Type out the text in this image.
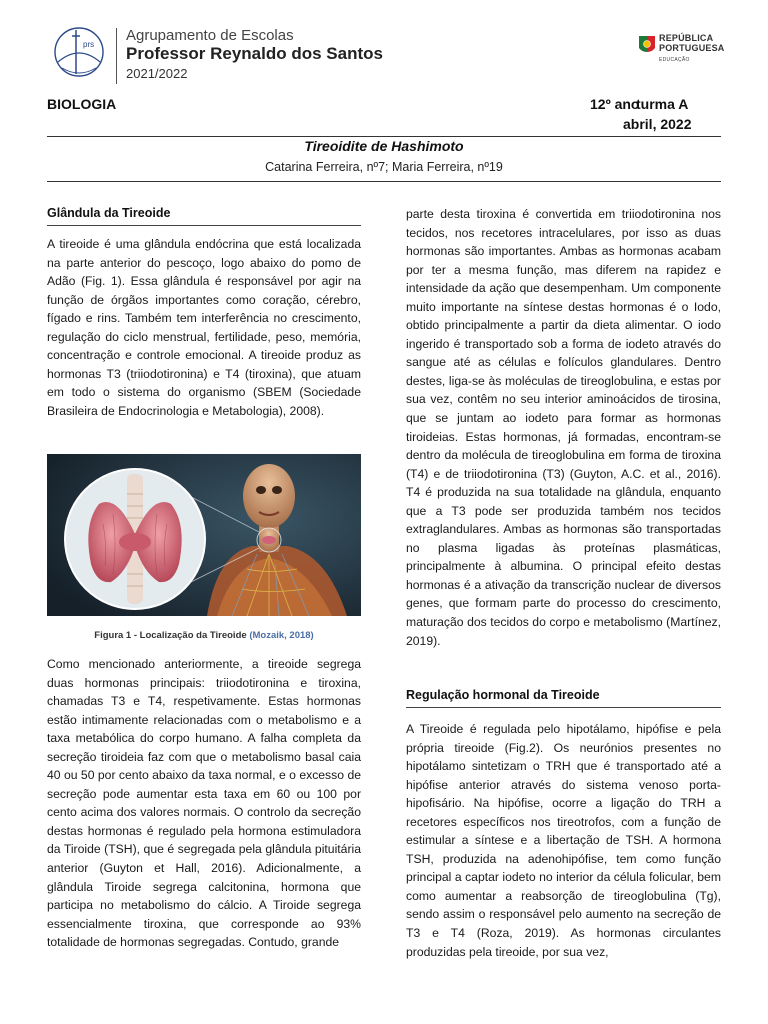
prs
Agrupamento de Escolas
Professor Reynaldo dos Santos
2021/2022
REPÚBLICA
PORTUGUESA
EDUCAÇÃO
BIOLOGIA	12º ano
turma A
abril, 2022
Tireoidite de Hashimoto
Catarina Ferreira, nº7; Maria Ferreira, nº19
Glândula da Tireoide

A tireoide é uma glândula endócrina que está localizada na parte anterior do pescoço, logo abaixo do pomo de Adão (Fig. 1). Essa glândula é responsável por agir na função de órgãos importantes como coração, cérebro, fígado e rins. Também tem interferência no crescimento, regulação do ciclo menstrual, fertilidade, peso, memória, concentração e controle emocional. A tireoide produz as hormonas T3 (triiodotironina) e T4 (tiroxina), que atuam em todo o sistema do organismo (SBEM (Sociedade Brasileira de Endocrinologia e Metabologia), 2008).

Figura 1 - Localização da Tireoide (Mozaik, 2018)

Como mencionado anteriormente, a tireoide segrega duas hormonas principais: triiodotironina e tiroxina, chamadas T3 e T4, respetivamente. Estas hormonas estão intimamente relacionadas com o metabolismo e a taxa metabólica do corpo humano. A falha completa da secreção tiroideia faz com que o metabolismo basal caia 40 ou 50 por cento abaixo da taxa normal, e o excesso de secreção pode aumentar esta taxa em 60 ou 100 por cento acima dos valores normais. O controlo da secreção destas hormonas é regulado pela hormona estimuladora da Tiroide (TSH), que é segregada pela glândula pituitária anterior (Guyton et Hall, 2016). Adicionalmente, a glândula Tiroide segrega calcitonina, hormona que participa no metabolismo do cálcio. A Tiroide segrega essencialmente tiroxina, que corresponde ao 93% totalidade de hormonas segregadas. Contudo, grande

parte desta tiroxina é convertida em triiodotironina nos tecidos, nos recetores intracelulares, por isso as duas hormonas são importantes. Ambas as hormonas acabam por ter a mesma função, mas diferem na rapidez e intensidade da ação que desempenham. Um componente muito importante na síntese destas hormonas é o Iodo, obtido principalmente a partir da dieta alimentar. O iodo ingerido é transportado sob a forma de iodeto através do sangue até as células e folículos glandulares. Dentro destes, liga-se às moléculas de tireoglobulina, e estas por sua vez, contêm no seu interior aminoácidos de tirosina, que se juntam ao iodeto para formar as hormonas tiroideias. Estas hormonas, já formadas, encontram-se dentro da molécula de tireoglobulina em forma de tiroxina (T4) e de triiodotironina (T3) (Guyton, A.C. et al., 2016). T4 é produzida na sua totalidade na glândula, enquanto que a T3 pode ser produzida também nos tecidos extraglandulares. Ambas as hormonas são transportadas no plasma ligadas às proteínas plasmáticas, principalmente à albumina. O principal efeito destas hormonas é a ativação da transcrição nuclear de diversos genes, que formam parte do processo do crescimento, maturação dos tecidos do corpo e metabolismo (Martínez, 2019).

Regulação hormonal da Tireoide

A Tireoide é regulada pelo hipotálamo, hipófise e pela própria tireoide (Fig.2). Os neurónios presentes no hipotálamo sintetizam o TRH que é transportado até a hipófise anterior através do sistema venoso porta-hipofisário. Na hipófise, ocorre a ligação do TRH a recetores específicos nos tireotrofos, com a função de estimular a síntese e a libertação de TSH. A hormona TSH, produzida na adenohipófise, tem como função principal a captar iodeto no interior da célula folicular, bem como aumentar a reabsorção de tireoglobulina (Tg), sendo assim o responsável pelo aumento na secreção de T3 e T4 (Roza, 2019). As hormonas circulantes produzidas pela tireoide, por sua vez,
